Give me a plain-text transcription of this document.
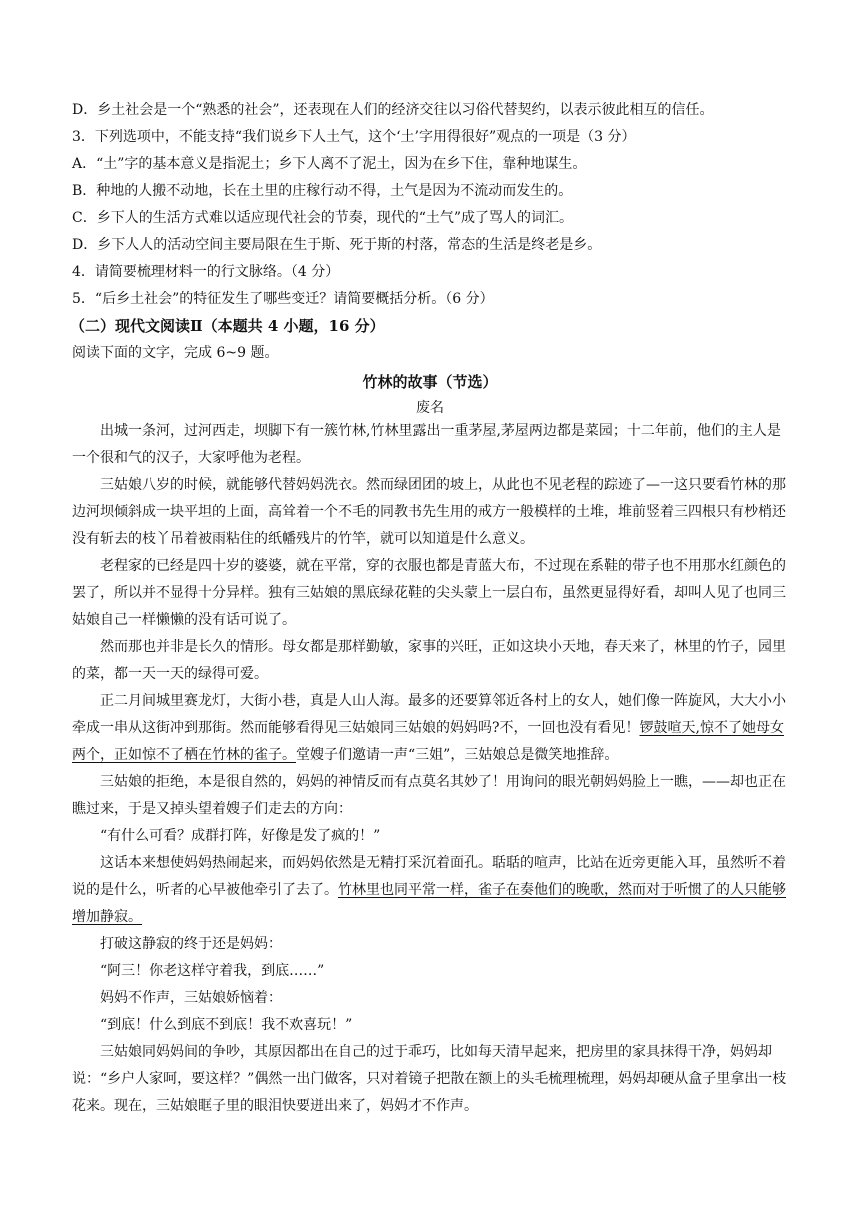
D．乡土社会是一个“熟悉的社会”，还表现在人们的经济交往以习俗代替契约，以表示彼此相互的信任。
3．下列选项中，不能支持“我们说乡下人土气，这个‘土’字用得很好”观点的一项是（3 分）
A．“土”字的基本意义是指泥土；乡下人离不了泥土，因为在乡下住，靠种地谋生。
B．种地的人搬不动地，长在土里的庄稼行动不得，土气是因为不流动而发生的。
C．乡下人的生活方式难以适应现代社会的节奏，现代的“土气”成了骂人的词汇。
D．乡下人人的活动空间主要局限在生于斯、死于斯的村落，常态的生活是终老是乡。
4．请简要梳理材料一的行文脉络。（4 分）
5．“后乡土社会”的特征发生了哪些变迁？请简要概括分析。（6 分）
（二）现代文阅读Ⅱ（本题共 4 小题，16 分）
阅读下面的文字，完成 6~9 题。
竹林的故事（节选）
废名

出城一条河，过河西走，坝脚下有一簇竹林,竹林里露出一重茅屋,茅屋两边都是菜园；十二年前，他们的主人是一个很和气的汉子，大家呼他为老程。

三姑娘八岁的时候，就能够代替妈妈洗衣。然而绿团团的坡上，从此也不见老程的踪迹了—一这只要看竹林的那边河坝倾斜成一块平坦的上面，高耸着一个不毛的同教书先生用的戒方一般模样的土堆，堆前竖着三四根只有杪梢还没有斩去的枝丫吊着被雨粘住的纸幡残片的竹竿，就可以知道是什么意义。

老程家的已经是四十岁的婆婆，就在平常，穿的衣服也都是青蓝大布，不过现在系鞋的带子也不用那水红颜色的罢了，所以并不显得十分异样。独有三姑娘的黑底绿花鞋的尖头蒙上一层白布，虽然更显得好看，却叫人见了也同三姑娘自己一样懒懒的没有话可说了。

然而那也并非是长久的情形。母女都是那样勤敏，家事的兴旺，正如这块小天地，春天来了，林里的竹子，园里的菜，都一天一天的绿得可爱。

正二月间城里赛龙灯，大街小巷，真是人山人海。最多的还要算邻近各村上的女人，她们像一阵旋风，大大小小牵成一串从这街冲到那街。然而能够看得见三姑娘同三姑娘的妈妈吗?不，一回也没有看见！锣鼓喧天,惊不了她母女两个，正如惊不了栖在竹林的雀子。堂嫂子们邀请一声“三姐”，三姑娘总是微笑地推辞。

三姑娘的拒绝，本是很自然的，妈妈的神情反而有点莫名其妙了！用询问的眼光朝妈妈脸上一瞧，——却也正在瞧过来，于是又掉头望着嫂子们走去的方向：

“有什么可看？成群打阵，好像是发了疯的！”

这话本来想使妈妈热闹起来，而妈妈依然是无精打采沉着面孔。聒聒的喧声，比站在近旁更能入耳，虽然听不着说的是什么，听者的心早被他牵引了去了。竹林里也同平常一样，雀子在奏他们的晚歌，然而对于听惯了的人只能够增加静寂。

打破这静寂的终于还是妈妈：

“阿三！你老这样守着我，到底……”

妈妈不作声，三姑娘娇恼着：

“到底！什么到底不到底！我不欢喜玩！”

三姑娘同妈妈间的争吵，其原因都出在自己的过于乖巧，比如每天清早起来，把房里的家具抹得干净，妈妈却说：“乡户人家呵，要这样？”偶然一出门做客，只对着镜子把散在额上的头毛梳理梳理，妈妈却硬从盒子里拿出一枝花来。现在，三姑娘眶子里的眼泪快要迸出来了，妈妈才不作声。
